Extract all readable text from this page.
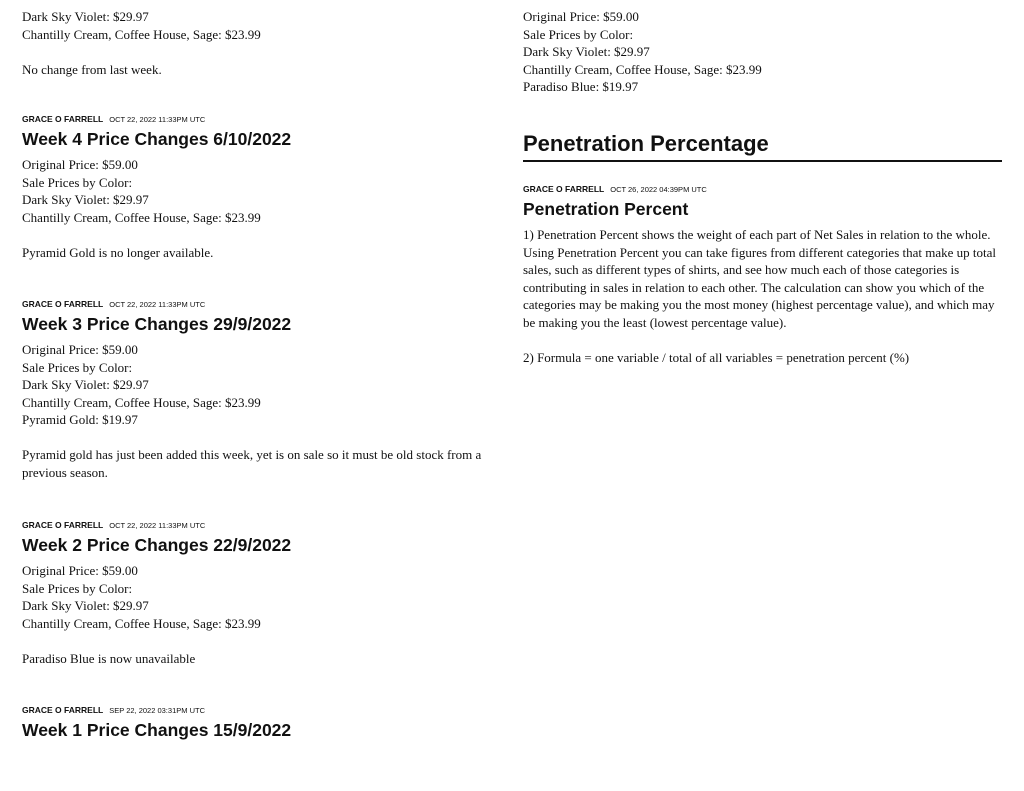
Dark Sky Violet: $29.97
Chantilly Cream, Coffee House, Sage: $23.99
No change from last week.
GRACE O FARRELL OCT 22, 2022 11:33PM UTC
Week 4 Price Changes 6/10/2022
Original Price: $59.00
Sale Prices by Color:
Dark Sky Violet: $29.97
Chantilly Cream, Coffee House, Sage: $23.99
Pyramid Gold is no longer available.
GRACE O FARRELL OCT 22, 2022 11:33PM UTC
Week 3 Price Changes 29/9/2022
Original Price: $59.00
Sale Prices by Color:
Dark Sky Violet: $29.97
Chantilly Cream, Coffee House, Sage: $23.99
Pyramid Gold: $19.97
Pyramid gold has just been added this week, yet is on sale so it must be old stock from a previous season.
GRACE O FARRELL OCT 22, 2022 11:33PM UTC
Week 2 Price Changes 22/9/2022
Original Price: $59.00
Sale Prices by Color:
Dark Sky Violet: $29.97
Chantilly Cream, Coffee House, Sage: $23.99
Paradiso Blue is now unavailable
GRACE O FARRELL SEP 22, 2022 03:31PM UTC
Week 1 Price Changes 15/9/2022
Original Price: $59.00
Sale Prices by Color:
Dark Sky Violet: $29.97
Chantilly Cream, Coffee House, Sage: $23.99
Paradiso Blue: $19.97
Penetration Percentage
GRACE O FARRELL OCT 26, 2022 04:39PM UTC
Penetration Percent
1) Penetration Percent shows the weight of each part of Net Sales in relation to the whole. Using Penetration Percent you can take figures from different categories that make up total sales, such as different types of shirts, and see how much each of those categories is contributing in sales in relation to each other. The calculation can show you which of the categories may be making you the most money (highest percentage value), and which may be making you the least (lowest percentage value).
2) Formula = one variable / total of all variables = penetration percent (%)
